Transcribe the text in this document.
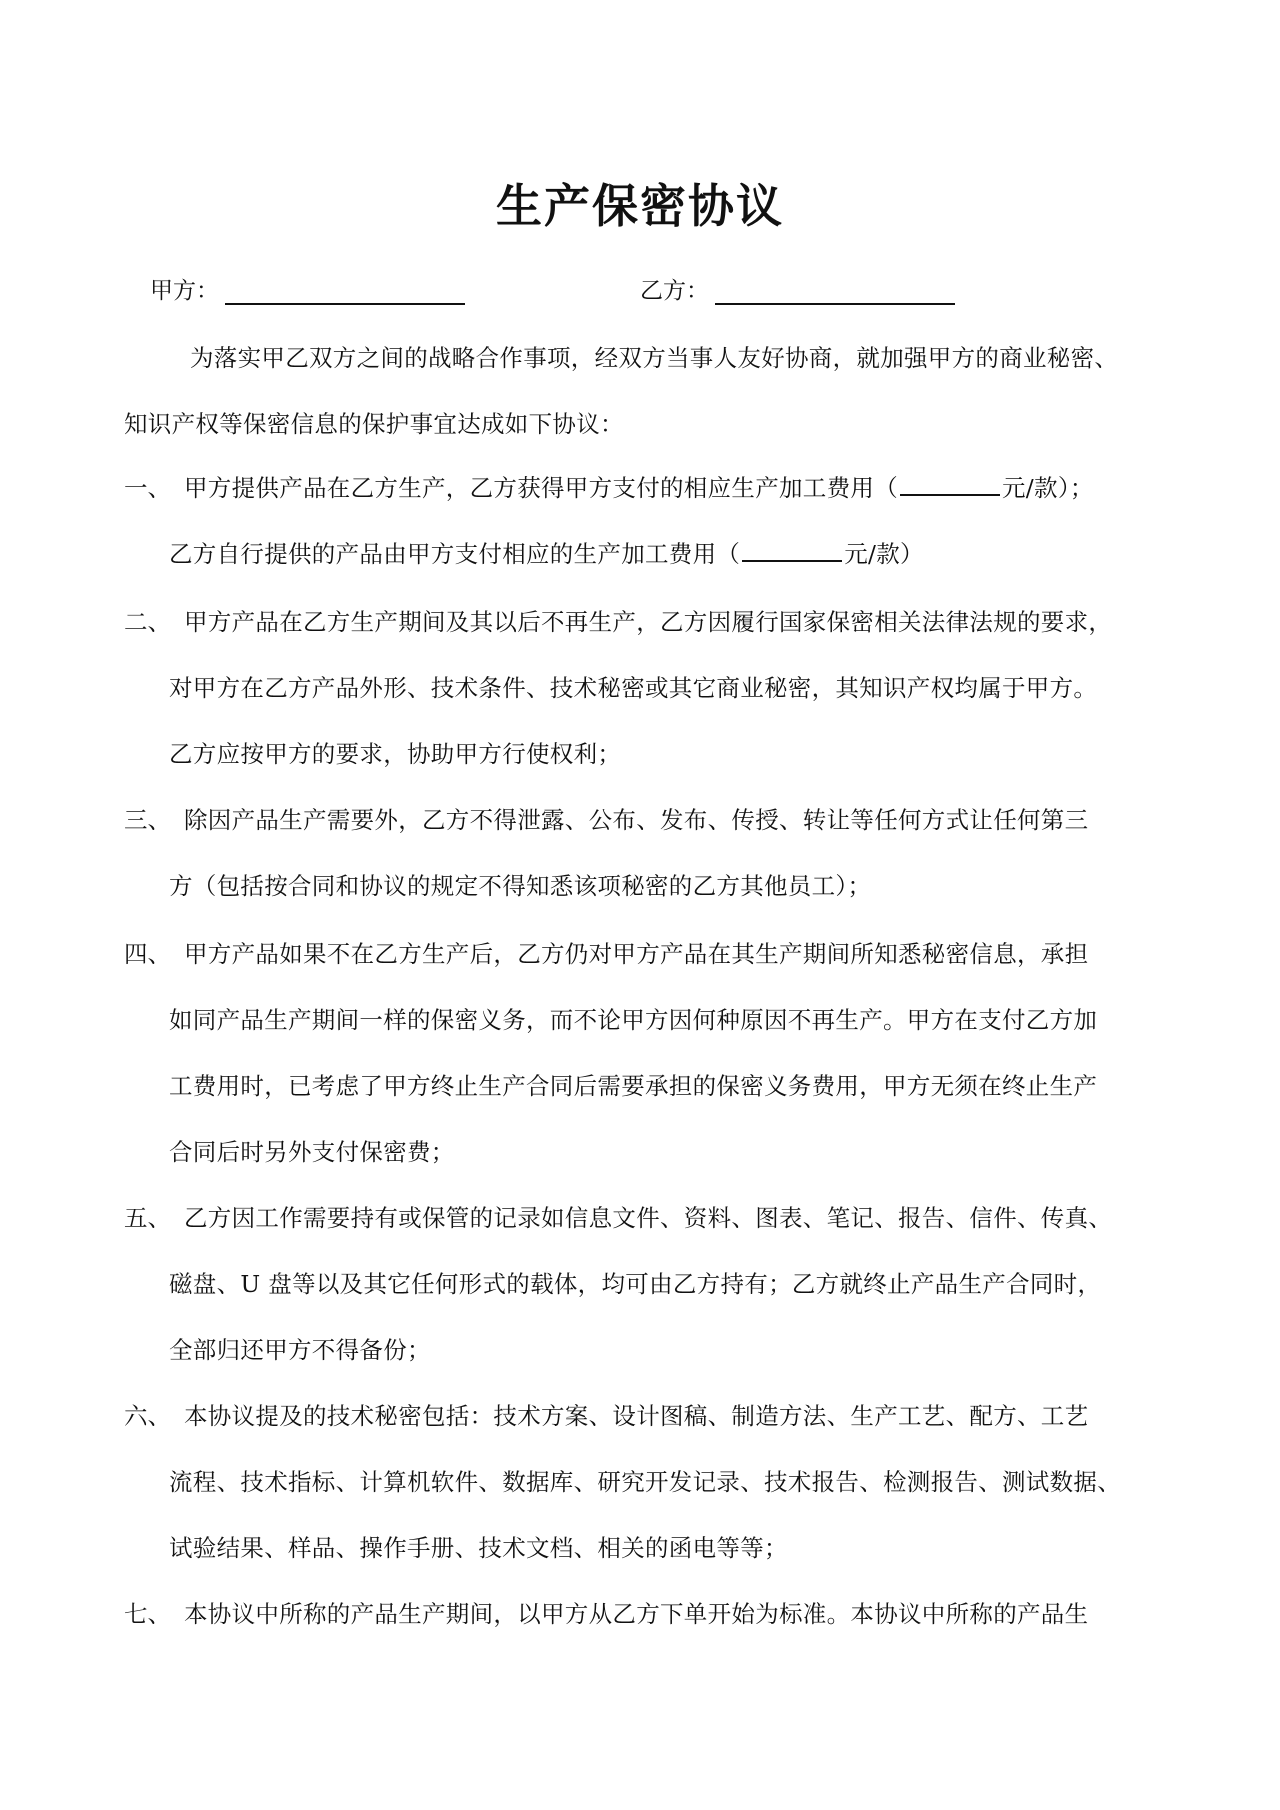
生产保密协议
甲方：	乙方：
为落实甲乙双方之间的战略合作事项，经双方当事人友好协商，就加强甲方的商业秘密、
知识产权等保密信息的保护事宜达成如下协议：
一、 甲方提供产品在乙方生产，乙方获得甲方支付的相应生产加工费用（	元/款）；
乙方自行提供的产品由甲方支付相应的生产加工费用（	元/款）
二、 甲方产品在乙方生产期间及其以后不再生产，乙方因履行国家保密相关法律法规的要求，
对甲方在乙方产品外形、技术条件、技术秘密或其它商业秘密，其知识产权均属于甲方。
乙方应按甲方的要求，协助甲方行使权利；
三、 除因产品生产需要外，乙方不得泄露、公布、发布、传授、转让等任何方式让任何第三
方（包括按合同和协议的规定不得知悉该项秘密的乙方其他员工）；
四、 甲方产品如果不在乙方生产后，乙方仍对甲方产品在其生产期间所知悉秘密信息，承担
如同产品生产期间一样的保密义务，而不论甲方因何种原因不再生产。甲方在支付乙方加
工费用时，已考虑了甲方终止生产合同后需要承担的保密义务费用，甲方无须在终止生产
合同后时另外支付保密费；
五、 乙方因工作需要持有或保管的记录如信息文件、资料、图表、笔记、报告、信件、传真、
磁盘、U 盘等以及其它任何形式的载体，均可由乙方持有；乙方就终止产品生产合同时，
全部归还甲方不得备份；
六、 本协议提及的技术秘密包括：技术方案、设计图稿、制造方法、生产工艺、配方、工艺
流程、技术指标、计算机软件、数据库、研究开发记录、技术报告、检测报告、测试数据、
试验结果、样品、操作手册、技术文档、相关的函电等等；
七、 本协议中所称的产品生产期间，以甲方从乙方下单开始为标准。本协议中所称的产品生
